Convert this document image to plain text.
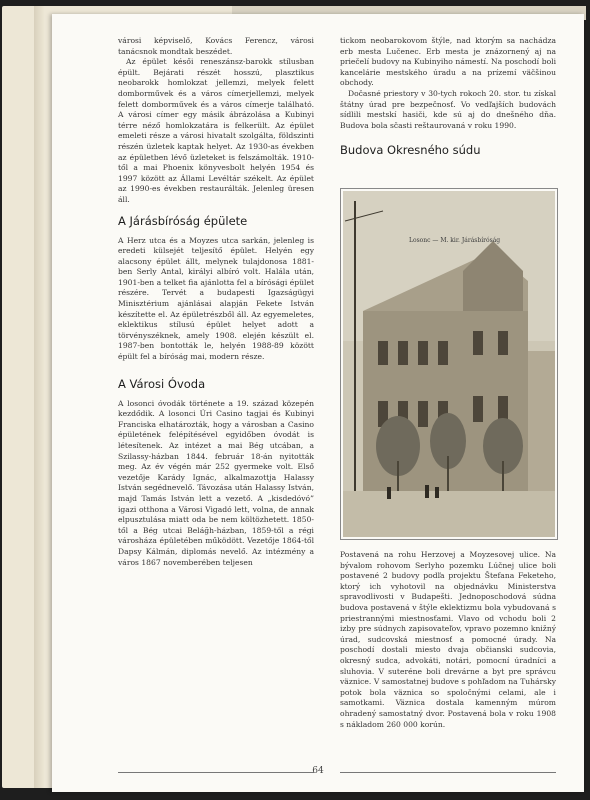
városi képviselő, Kovács Ferencz, városi tanácsnok mondtak beszédet.

Az épület késői reneszánsz-barokk stílusban épült. Bejárati részét hosszú, plasztikus neobarokk homlokzat jellemzi, melyek felett domborművek és a város címerjellemzi, melyek felett domborművek és a város címerje található. A városi címer egy másik ábrázolása a Kubinyi térre néző homlokzatára is felkerült. Az épület emeleti része a városi hivatalt szolgálta, földszinti részén üzletek kaptak helyet. Az 1930-as években az épületben lévő üzleteket is felszámolták. 1910-től a mai Phoenix könyvesbolt helyén 1954 és 1997 között az Állami Levéltár székelt. Az épület az 1990-es években restaurálták. Jelenleg üresen áll.

A Járásbíróság épülete

A Herz utca és a Moyzes utca sarkán, jelenleg is eredeti külsejét teljesítő épület. Helyén egy alacsony épület állt, melynek tulajdonosa 1881-ben Serly Antal, királyi albíró volt. Halála után, 1901-ben a telket fia ajánlotta fel a bírósági épület részére. Tervét a budapesti Igazságügyi Minisztérium ajánlásai alapján Fekete István készítette el. Az épületrészből áll. Az egyemeletes, eklektikus stílusú épület helyet adott a törvényszéknek, amely 1908. elején készült el. 1987-ben bontották le, helyén 1988-89 között épült fel a bíróság mai, modern része.

A Városi Óvoda

A losonci óvodák története a 19. század közepén kezdődik. A losonci Úri Casino tagjai és Kubinyi Franciska elhatározták, hogy a városban a Casino épületének felépítésével egyidőben óvodát is létesítenek. Az intézet a mai Bég utcában, a Szilassy-házban 1844. február 18-án nyitották meg. Az év végén már 252 gyermeke volt. Első vezetője Karády Ignác, alkalmazottja Halassy István segédnevelő. Távozása után Halassy István, majd Tamás István lett a vezető. A „kisdedóvó” igazi otthona a Városi Vigadó lett, volna, de annak elpusztulása miatt oda be nem költözhetett. 1850-től a Bég utcai Beláğh-házban, 1859-től a régi városháza épületében működött. Vezetője 1864-től Dapsy Kálmán, diplomás nevelő. Az intézmény a város 1867 novemberében teljesen

tickom neobarokovom štýle, nad ktorým sa nachádza erb mesta Lučenec. Erb mesta je znázornený aj na priečelí budovy na Kubinyiho námestí. Na poschodí boli kancelárie mestského úradu a na prízemí väčšinou obchody.

Dočasné priestory v 30-tych rokoch 20. stor. tu získal štátny úrad pre bezpečnosť. Vo vedľajších budovách sídlili mestskí hasiči, kde sú aj do dnešného dňa. Budova bola sčasti reštaurovaná v roku 1990.

Budova Okresného súdu
Losonc — M. kir. Járásbíróság

Postavená na rohu Herzovej a Moyzesovej ulice. Na bývalom rohovom Serlyho pozemku Lúčnej ulice boli postavené 2 budovy podľa projektu Štefana Feketeho, ktorý ich vyhotovil na objednávku Ministerstva spravodlivosti v Budapešti. Jednoposchodová súdna budova postavená v štýle eklektizmu bola vybudovaná s priestrannými miestnosťami. Vlavo od vchodu boli 2 izby pre súdnych zapisovateľov, vpravo pozemno knižný úrad, sudcovská miestnosť a pomocné úrady. Na poschodí dostali miesto dvaja občianski sudcovia, okresný sudca, advokáti, notári, pomocní úradníci a sluhovia. V suteréne boli drevárne a byt pre správcu väznice. V samostatnej budove s pohľadom na Tuhársky potok bola väznica so spoločnými celami, ale i samotkami. Väznica dostala kamenným múrom ohradený samostatný dvor. Postavená bola v roku 1908 s nákladom 260 000 korún.

64
